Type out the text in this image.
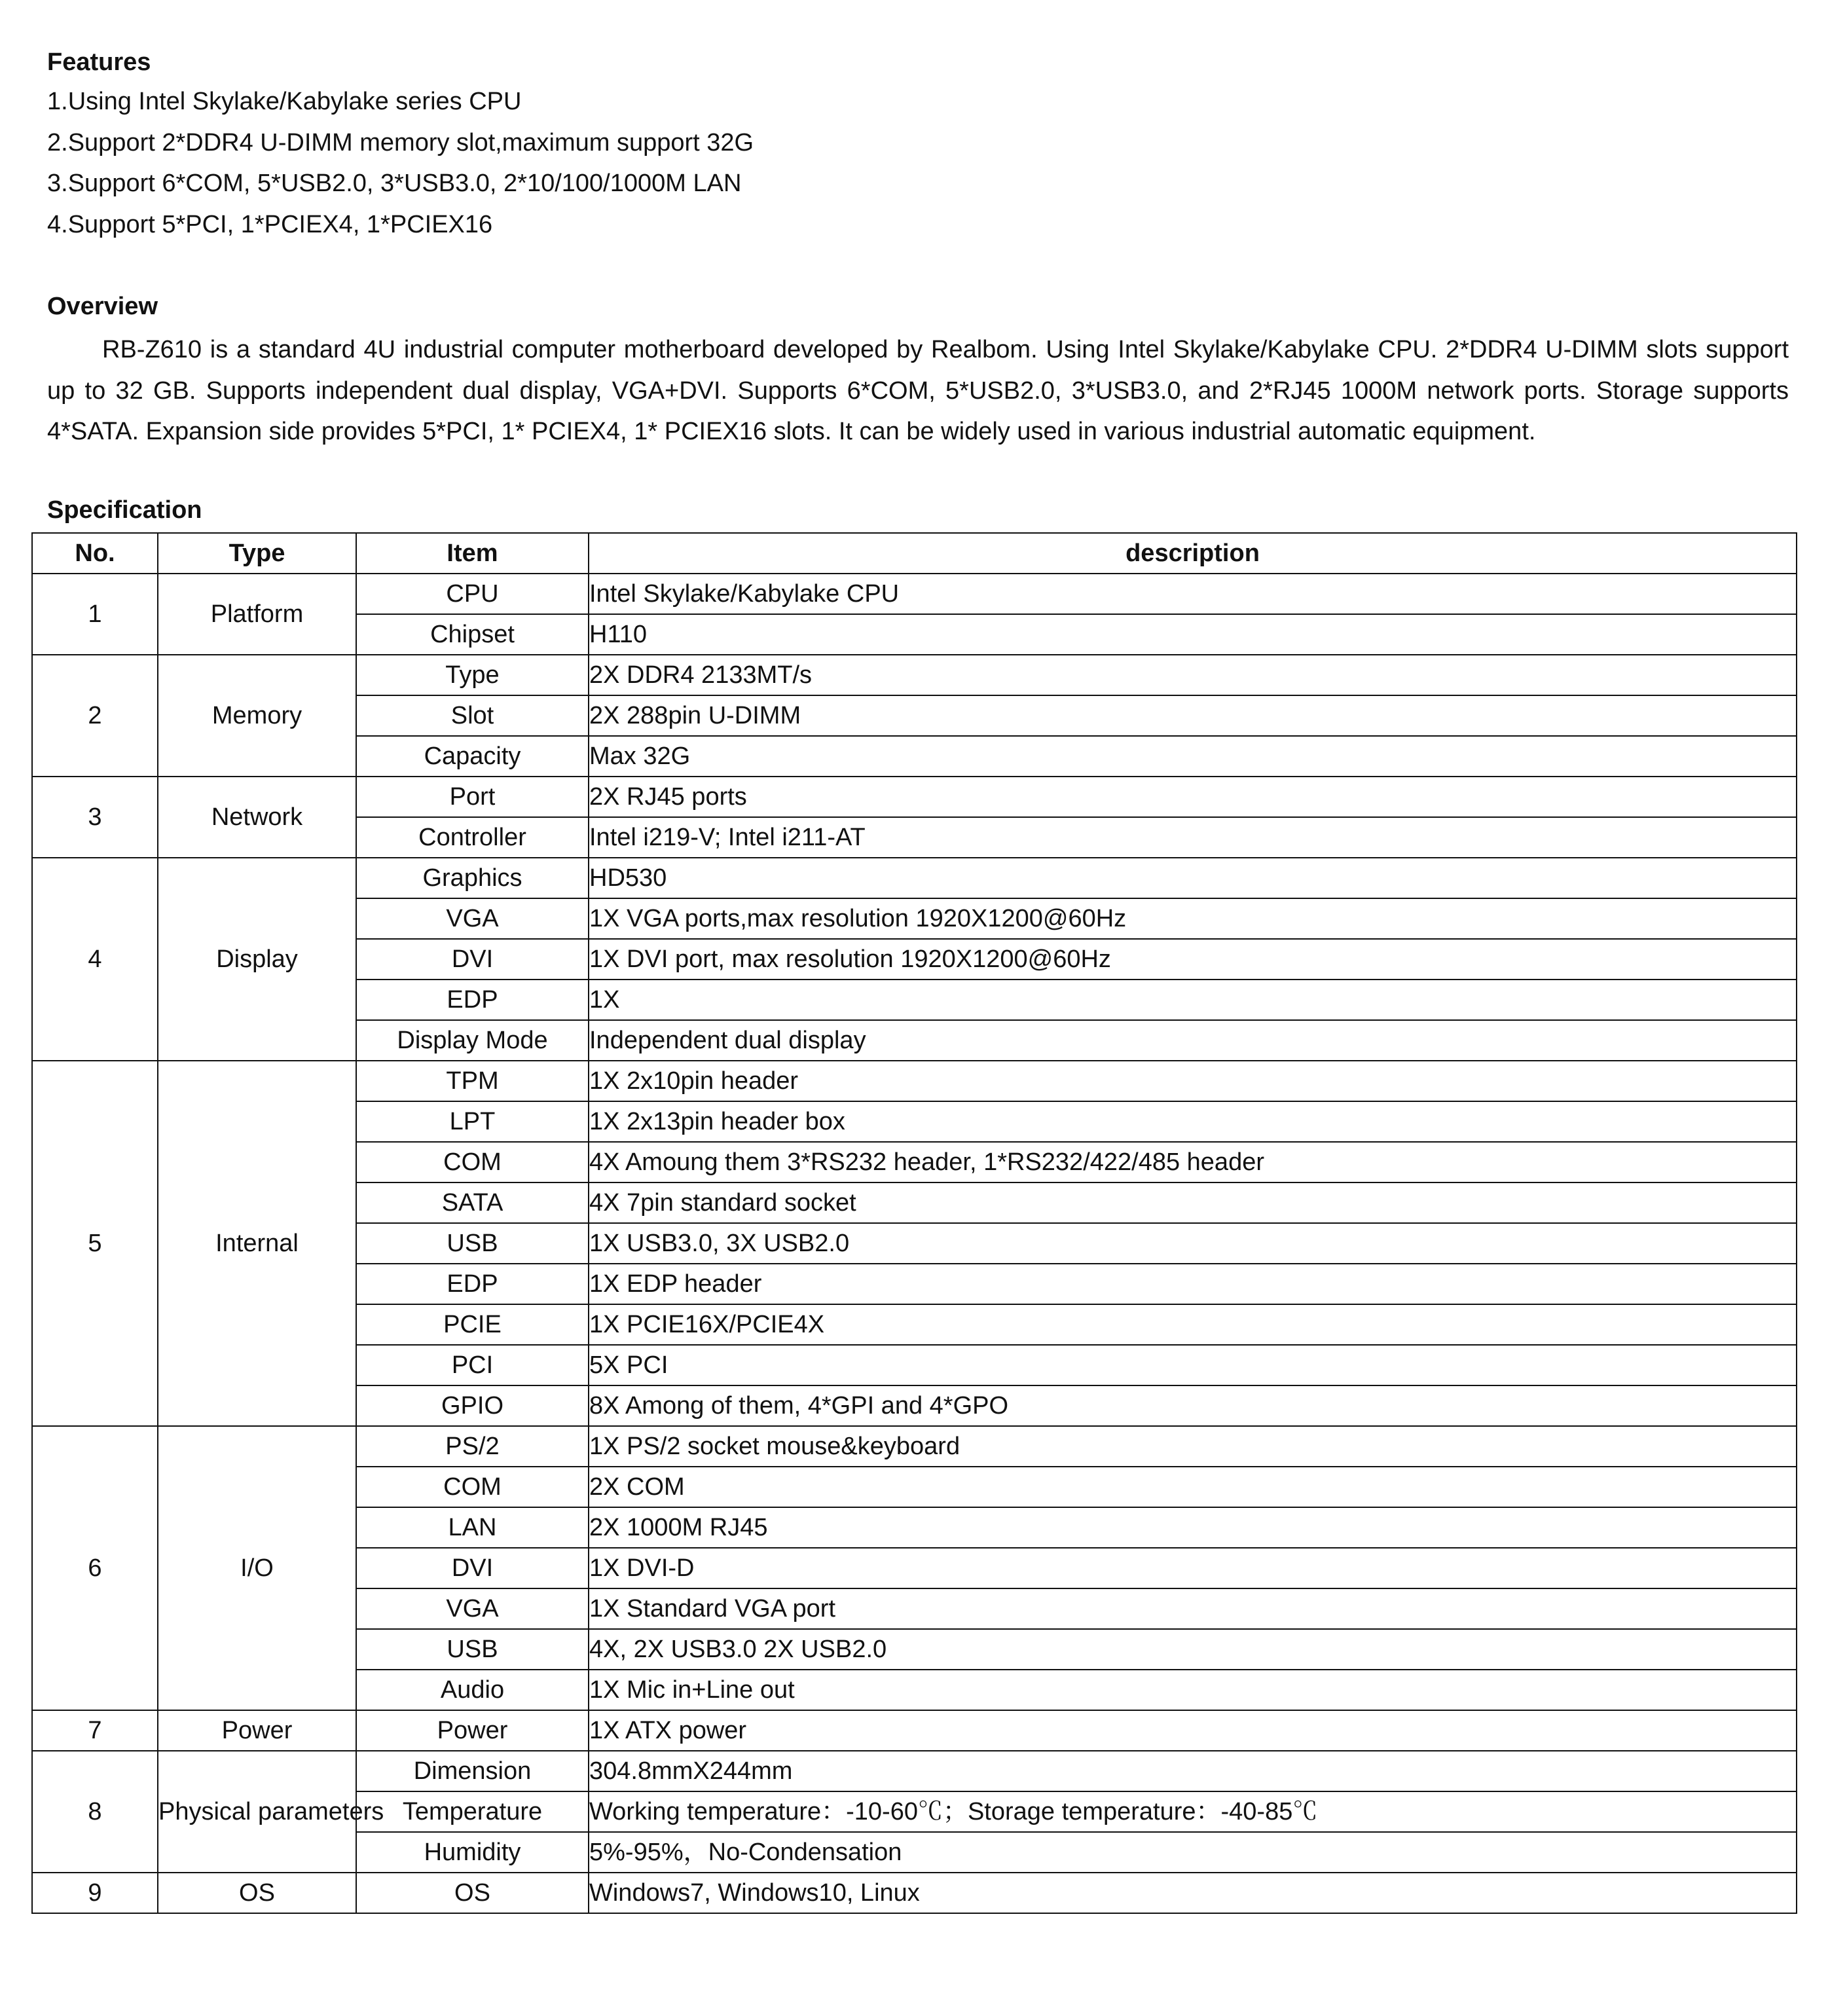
Features
1.Using Intel Skylake/Kabylake series CPU
2.Support 2*DDR4 U-DIMM memory slot,maximum support 32G
3.Support 6*COM, 5*USB2.0, 3*USB3.0, 2*10/100/1000M LAN
4.Support 5*PCI, 1*PCIEX4, 1*PCIEX16
Overview

RB-Z610 is a standard 4U industrial computer motherboard developed by Realbom. Using Intel Skylake/Kabylake CPU. 2*DDR4 U-DIMM slots support up to 32 GB. Supports independent dual display, VGA+DVI. Supports 6*COM, 5*USB2.0, 3*USB3.0, and 2*RJ45 1000M network ports. Storage supports 4*SATA. Expansion side provides 5*PCI, 1* PCIEX4, 1* PCIEX16 slots. It can be widely used in various industrial automatic equipment.

Specification
No.	Type	Item	description
1	Platform	CPU	Intel Skylake/Kabylake CPU
		Chipset	H110
2	Memory	Type	2X DDR4 2133MT/s
		Slot	2X 288pin U-DIMM
		Capacity	Max 32G
3	Network	Port	2X RJ45 ports
		Controller	Intel i219-V; Intel i211-AT
4	Display	Graphics	HD530
		VGA	1X VGA ports,max resolution 1920X1200@60Hz
		DVI	1X DVI port, max resolution 1920X1200@60Hz
		EDP	1X
		Display Mode	Independent dual display
5	Internal	TPM	1X 2x10pin header
		LPT	1X 2x13pin header box
		COM	4X Amoung them 3*RS232 header, 1*RS232/422/485 header
		SATA	4X 7pin standard socket
		USB	1X USB3.0, 3X USB2.0
		EDP	1X EDP header
		PCIE	1X PCIE16X/PCIE4X
		PCI	5X PCI
		GPIO	8X Among of them, 4*GPI and 4*GPO
6	I/O	PS/2	1X PS/2 socket mouse&keyboard
		COM	2X COM
		LAN	2X 1000M RJ45
		DVI	1X DVI-D
		VGA	1X Standard VGA port
		USB	4X, 2X USB3.0 2X USB2.0
		Audio	1X Mic in+Line out
7	Power	Power	1X ATX power
8	Physical parameters	Dimension	304.8mmX244mm
		Temperature	Working temperature：-10-60℃；Storage temperature：-40-85℃
		Humidity	5%-95%，No-Condensation
9	OS	OS	Windows7, Windows10, Linux
